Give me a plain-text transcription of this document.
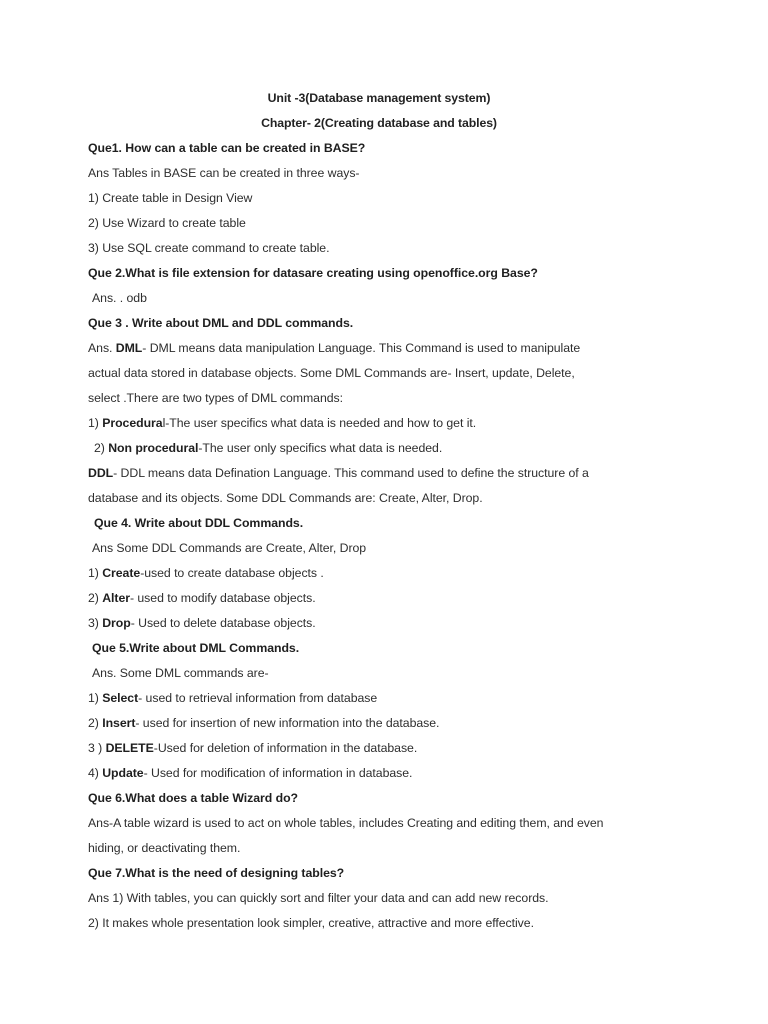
Unit -3(Database management system)
Chapter- 2(Creating database and tables)
Que1. How can a table can be created in BASE?
Ans Tables in BASE can be created in three ways-
1) Create table in Design View
2) Use Wizard to create table
3) Use SQL create command to create table.
Que 2.What is file extension for datasare creating using openoffice.org Base?
Ans. . odb
Que 3 . Write about DML and DDL commands.
Ans. DML- DML means data manipulation Language. This Command is used to manipulate
actual data stored in database objects. Some DML Commands are- Insert, update, Delete,
select .There are two types of DML commands:
1) Procedural-The user specifics what data is needed and how to get it.
2) Non procedural-The user only specifics what data is needed.
DDL- DDL means data Defination Language. This command used to define the structure of a
database and its objects. Some DDL Commands are: Create, Alter, Drop.
Que 4. Write about DDL Commands.
Ans Some DDL Commands are Create, Alter, Drop
1) Create-used to create database objects .
2) Alter- used to modify database objects.
3) Drop- Used to delete database objects.
Que 5.Write about DML Commands.
Ans. Some DML commands are-
1) Select- used to retrieval information from database
2) Insert- used for insertion of new information into the database.
3 ) DELETE-Used for deletion of information in the database.
4) Update- Used for modification of information in database.
Que 6.What does a table Wizard do?
Ans-A table wizard is used to act on whole tables, includes Creating and editing them, and even
hiding, or deactivating them.
Que 7.What is the need of designing tables?
Ans 1) With tables, you can quickly sort and filter your data and can add new records.
2) It makes whole presentation look simpler, creative, attractive and more effective.
